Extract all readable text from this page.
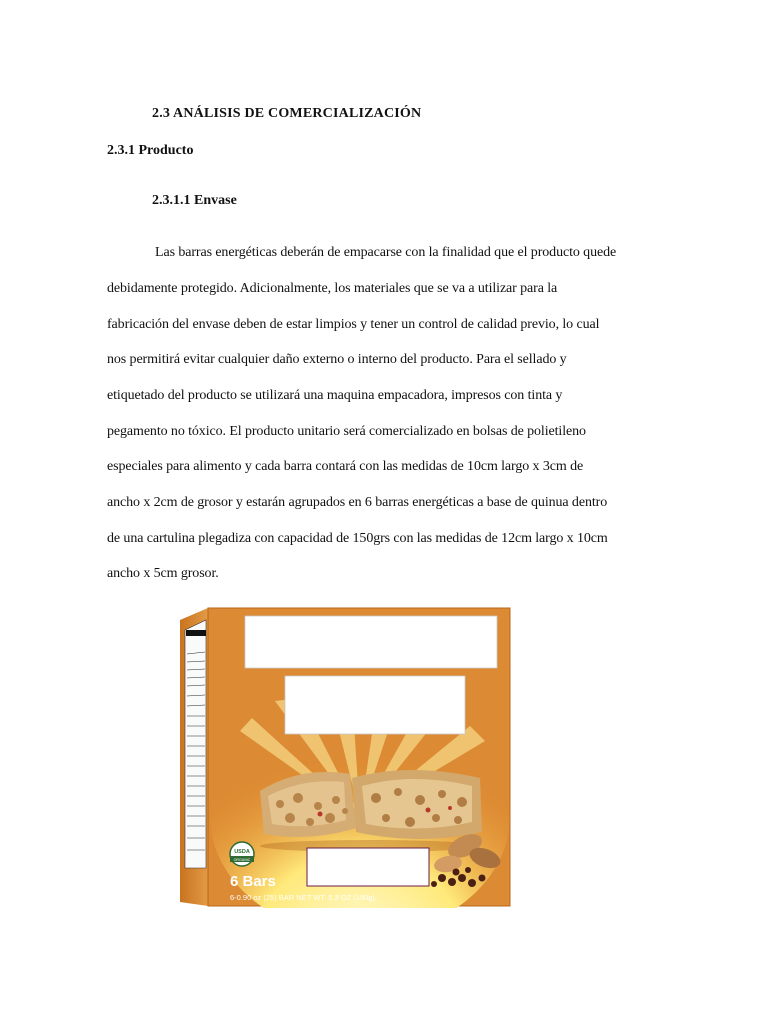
2.3 ANÁLISIS DE COMERCIALIZACIÓN
2.3.1 Producto
2.3.1.1 Envase
Las barras energéticas deberán de empacarse con la finalidad que el producto quede
debidamente protegido. Adicionalmente, los materiales que se va a utilizar para la
fabricación del envase deben de estar limpios y tener un control de calidad previo, lo cual
nos permitirá evitar cualquier daño externo o interno del producto. Para el sellado y
etiquetado del producto se utilizará una maquina empacadora, impresos con tinta y
pegamento no tóxico. El producto unitario será comercializado en bolsas de polietileno
especiales para alimento y cada barra contará con las medidas de 10cm largo x 3cm de
ancho x 2cm de grosor y estarán agrupados en 6 barras energéticas a base de quinua dentro
de una cartulina plegadiza con capacidad de 150grs con las medidas de 12cm largo x 10cm
ancho x 5cm grosor.
USDA
ORGANIC
6 Bars
6-0.90 oz (25) BAR NET WT. 5.3 OZ (150g).
